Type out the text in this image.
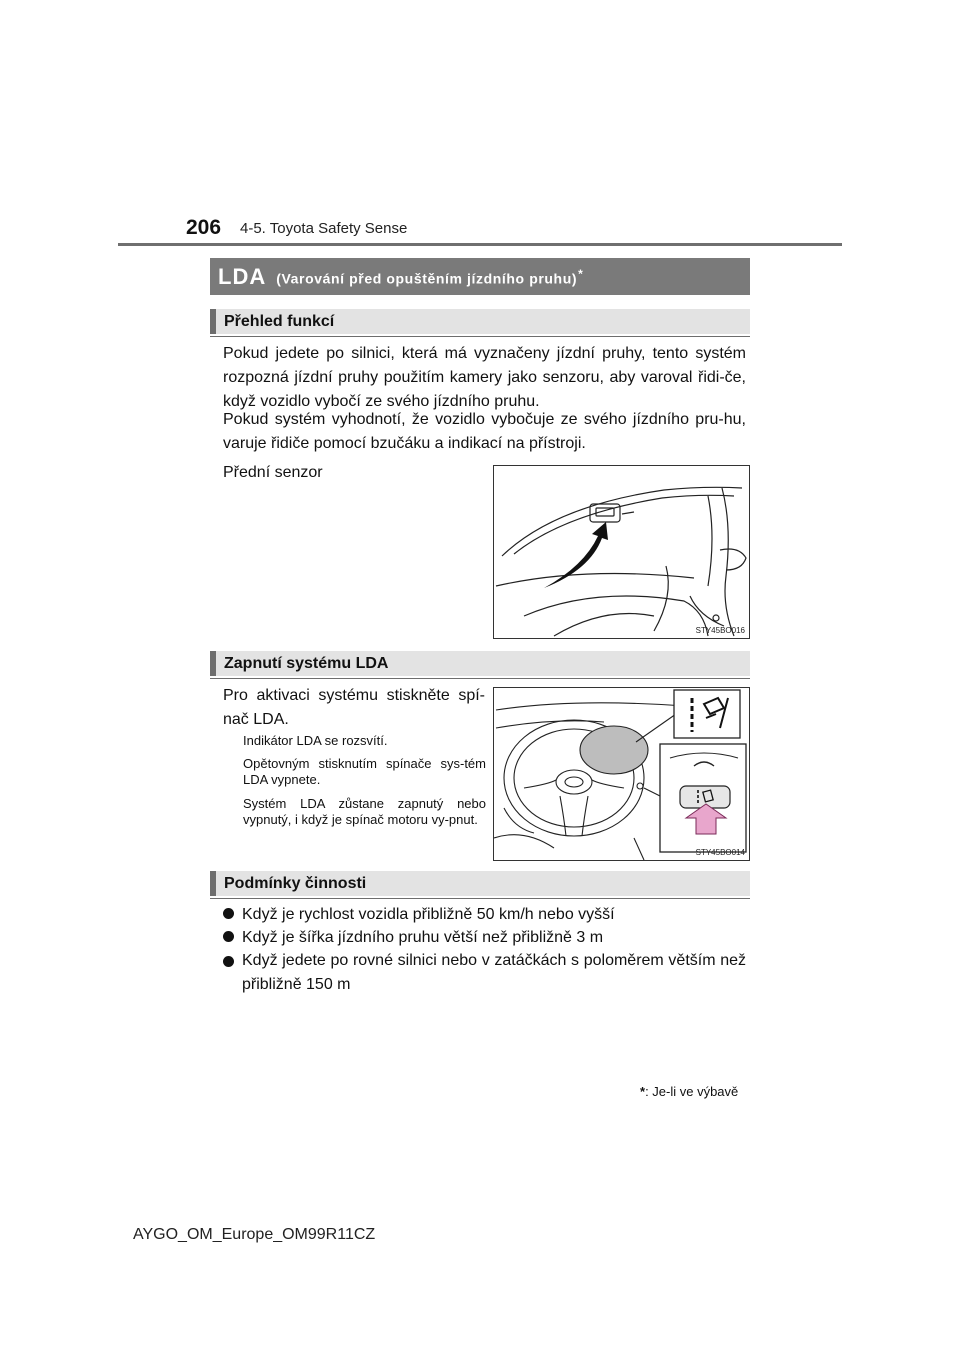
206 4-5. Toyota Safety Sense
LDA (Varování před opuštěním jízdního pruhu)*
Přehled funkcí
Pokud jedete po silnici, která má vyznačeny jízdní pruhy, tento systém rozpozná jízdní pruhy použitím kamery jako senzoru, aby varoval řidi-če, když vozidlo vybočí ze svého jízdního pruhu.
Pokud systém vyhodnotí, že vozidlo vybočuje ze svého jízdního pru-hu, varuje řidiče pomocí bzučáku a indikací na přístroji.
Přední senzor
STY45BO016
Zapnutí systému LDA
Pro aktivaci systému stiskněte spí-nač LDA.
Indikátor LDA se rozsvítí.
Opětovným stisknutím spínače sys-tém LDA vypnete.
Systém LDA zůstane zapnutý nebo vypnutý, i když je spínač motoru vy-pnut.
STY45BO014
Podmínky činnosti
Když je rychlost vozidla přibližně 50 km/h nebo vyšší
Když je šířka jízdního pruhu větší než přibližně 3 m
Když jedete po rovné silnici nebo v zatáčkách s poloměrem větším než přibližně 150 m
*: Je-li ve výbavě
AYGO_OM_Europe_OM99R11CZ
